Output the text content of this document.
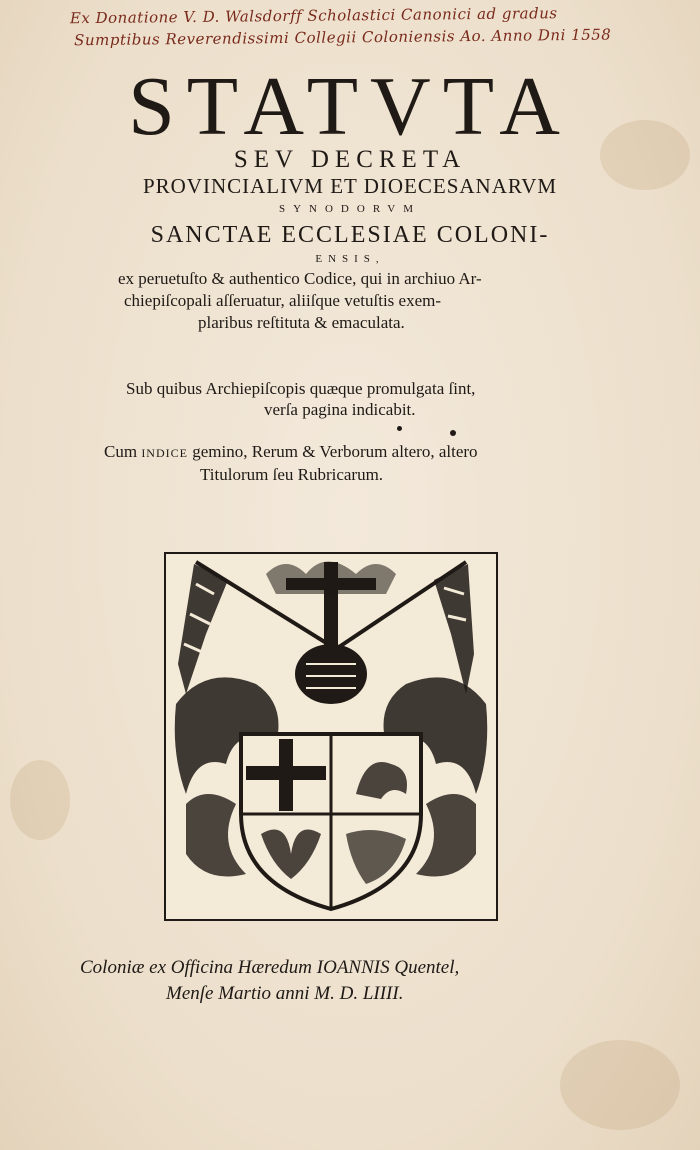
Ex Donatione V. D. Walsdorff Scholastici Canonici ad gradus
Sumptibus Reverendissimi Collegii Coloniensis Ao. Anno Dni 1558
STATVTA
SEV DECRETA
PROVINCIALIVM ET DIOECESANARVM
SYNODORVM
SANCTAE ECCLESIAE COLONI-
ENSIS,
ex peruetuſto & authentico Codice, qui in archiuo Ar-
chiepiſcopali aſſeruatur, aliiſque vetuſtis exem-
plaribus reſtituta & emaculata.
Sub quibus Archiepiſcopis quæque promulgata ſint,
verſa pagina indicabit.
Cum INDICE gemino, Rerum & Verborum altero, altero
Titulorum ſeu Rubricarum.
Coloniæ ex Officina Hæredum IOANNIS Quentel,
Menſe Martio anni M. D. LIIII.
